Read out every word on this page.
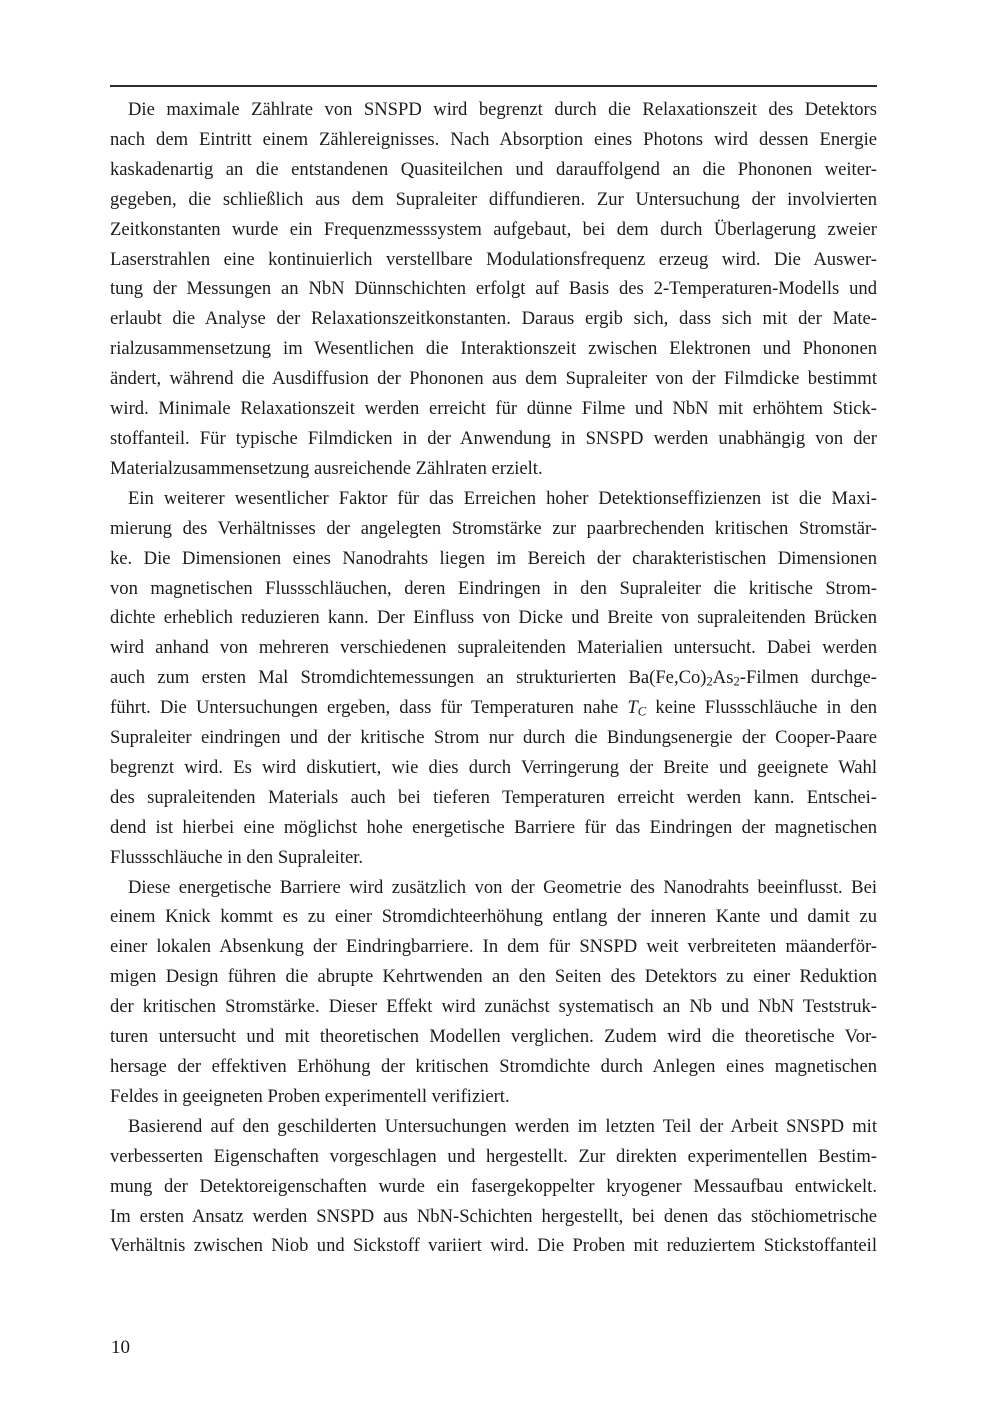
Die maximale Zählrate von SNSPD wird begrenzt durch die Relaxationszeit des Detektors
nach dem Eintritt einem Zählereignisses. Nach Absorption eines Photons wird dessen Energie
kaskadenartig an die entstandenen Quasiteilchen und darauffolgend an die Phononen weiter-
gegeben, die schließlich aus dem Supraleiter diffundieren. Zur Untersuchung der involvierten
Zeitkonstanten wurde ein Frequenzmesssystem aufgebaut, bei dem durch Überlagerung zweier
Laserstrahlen eine kontinuierlich verstellbare Modulationsfrequenz erzeug wird. Die Auswer-
tung der Messungen an NbN Dünnschichten erfolgt auf Basis des 2-Temperaturen-Modells und
erlaubt die Analyse der Relaxationszeitkonstanten. Daraus ergib sich, dass sich mit der Mate-
rialzusammensetzung im Wesentlichen die Interaktionszeit zwischen Elektronen und Phononen
ändert, während die Ausdiffusion der Phononen aus dem Supraleiter von der Filmdicke bestimmt
wird. Minimale Relaxationszeit werden erreicht für dünne Filme und NbN mit erhöhtem Stick-
stoffanteil. Für typische Filmdicken in der Anwendung in SNSPD werden unabhängig von der
Materialzusammensetzung ausreichende Zählraten erzielt.
Ein weiterer wesentlicher Faktor für das Erreichen hoher Detektionseffizienzen ist die Maxi-
mierung des Verhältnisses der angelegten Stromstärke zur paarbrechenden kritischen Stromstär-
ke. Die Dimensionen eines Nanodrahts liegen im Bereich der charakteristischen Dimensionen
von magnetischen Flussschläuchen, deren Eindringen in den Supraleiter die kritische Strom-
dichte erheblich reduzieren kann. Der Einfluss von Dicke und Breite von supraleitenden Brücken
wird anhand von mehreren verschiedenen supraleitenden Materialien untersucht. Dabei werden
auch zum ersten Mal Stromdichtemessungen an strukturierten Ba(Fe,Co)2As2-Filmen durchge-
führt. Die Untersuchungen ergeben, dass für Temperaturen nahe TC keine Flussschläuche in den
Supraleiter eindringen und der kritische Strom nur durch die Bindungsenergie der Cooper-Paare
begrenzt wird. Es wird diskutiert, wie dies durch Verringerung der Breite und geeignete Wahl
des supraleitenden Materials auch bei tieferen Temperaturen erreicht werden kann. Entschei-
dend ist hierbei eine möglichst hohe energetische Barriere für das Eindringen der magnetischen
Flussschläuche in den Supraleiter.
Diese energetische Barriere wird zusätzlich von der Geometrie des Nanodrahts beeinflusst. Bei
einem Knick kommt es zu einer Stromdichteerhöhung entlang der inneren Kante und damit zu
einer lokalen Absenkung der Eindringbarriere. In dem für SNSPD weit verbreiteten mäanderför-
migen Design führen die abrupte Kehrtwenden an den Seiten des Detektors zu einer Reduktion
der kritischen Stromstärke. Dieser Effekt wird zunächst systematisch an Nb und NbN Teststruk-
turen untersucht und mit theoretischen Modellen verglichen. Zudem wird die theoretische Vor-
hersage der effektiven Erhöhung der kritischen Stromdichte durch Anlegen eines magnetischen
Feldes in geeigneten Proben experimentell verifiziert.
Basierend auf den geschilderten Untersuchungen werden im letzten Teil der Arbeit SNSPD mit
verbesserten Eigenschaften vorgeschlagen und hergestellt. Zur direkten experimentellen Bestim-
mung der Detektoreigenschaften wurde ein fasergekoppelter kryogener Messaufbau entwickelt.
Im ersten Ansatz werden SNSPD aus NbN-Schichten hergestellt, bei denen das stöchiometrische
Verhältnis zwischen Niob und Sickstoff variiert wird. Die Proben mit reduziertem Stickstoffanteil
10
